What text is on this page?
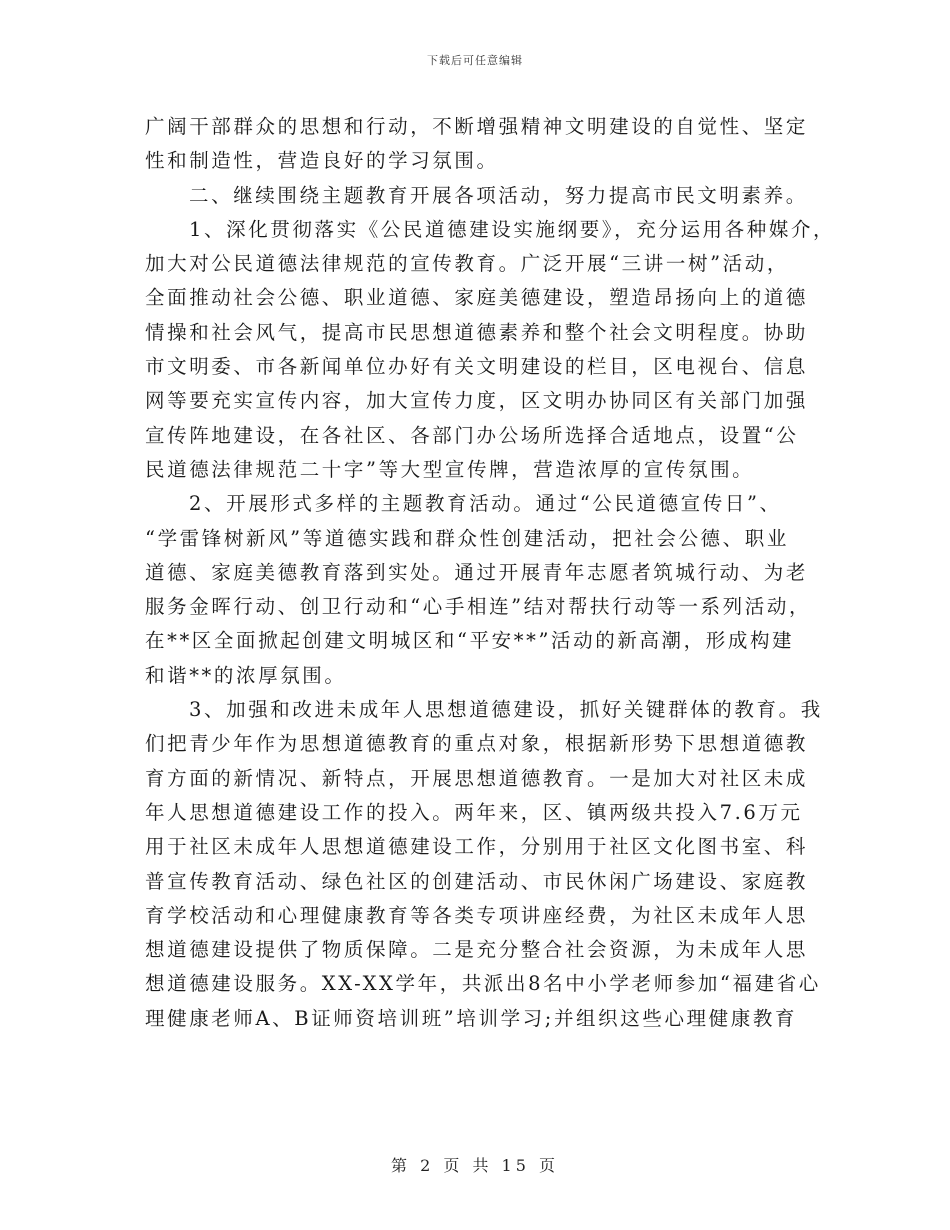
下载后可任意编辑
广阔干部群众的思想和行动，不断增强精神文明建设的自觉性、坚定
性和制造性，营造良好的学习氛围。
二、继续围绕主题教育开展各项活动，努力提高市民文明素养。
1、深化贯彻落实《公民道德建设实施纲要》，充分运用各种媒介，
加大对公民道德法律规范的宣传教育。广泛开展“三讲一树”活动，
全面推动社会公德、职业道德、家庭美德建设，塑造昂扬向上的道德
情操和社会风气，提高市民思想道德素养和整个社会文明程度。协助
市文明委、市各新闻单位办好有关文明建设的栏目，区电视台、信息
网等要充实宣传内容，加大宣传力度，区文明办协同区有关部门加强
宣传阵地建设，在各社区、各部门办公场所选择合适地点，设置“公
民道德法律规范二十字”等大型宣传牌，营造浓厚的宣传氛围。
2、开展形式多样的主题教育活动。通过“公民道德宣传日”、
“学雷锋树新风”等道德实践和群众性创建活动，把社会公德、职业
道德、家庭美德教育落到实处。通过开展青年志愿者筑城行动、为老
服务金晖行动、创卫行动和“心手相连”结对帮扶行动等一系列活动，
在**区全面掀起创建文明城区和“平安**”活动的新高潮，形成构建
和谐**的浓厚氛围。
3、加强和改进未成年人思想道德建设，抓好关键群体的教育。我
们把青少年作为思想道德教育的重点对象，根据新形势下思想道德教
育方面的新情况、新特点，开展思想道德教育。一是加大对社区未成
年人思想道德建设工作的投入。两年来，区、镇两级共投入7.6万元
用于社区未成年人思想道德建设工作，分别用于社区文化图书室、科
普宣传教育活动、绿色社区的创建活动、市民休闲广场建设、家庭教
育学校活动和心理健康教育等各类专项讲座经费，为社区未成年人思
想道德建设提供了物质保障。二是充分整合社会资源，为未成年人思
想道德建设服务。XX-XX学年，共派出8名中小学老师参加“福建省心
理健康老师A、B证师资培训班”培训学习;并组织这些心理健康教育
第 2 页 共 15 页
